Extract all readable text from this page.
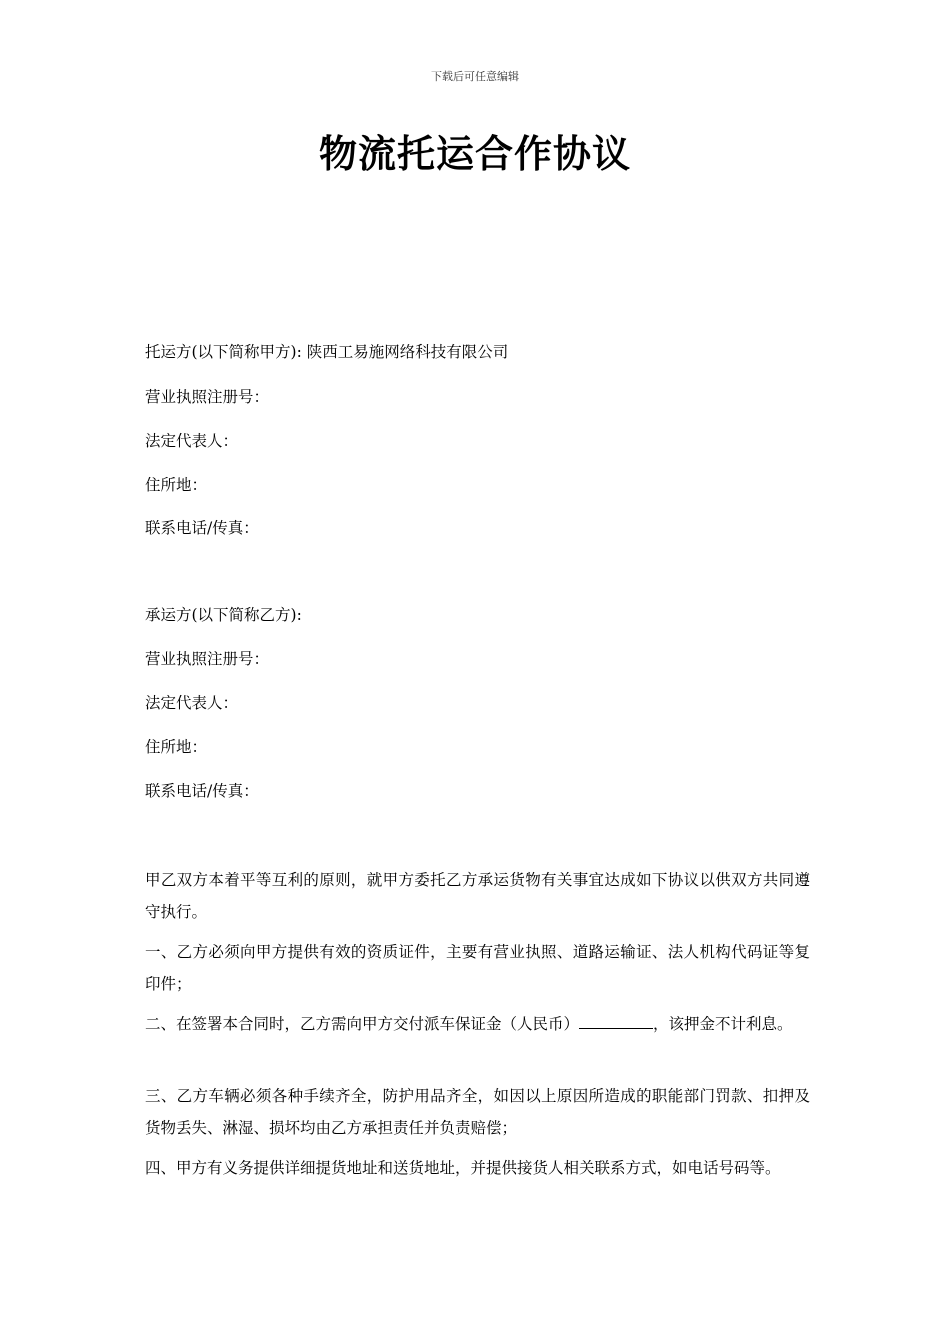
下载后可任意编辑
物流托运合作协议
托运方(以下简称甲方): 陕西工易施网络科技有限公司
营业执照注册号：
法定代表人：
住所地：
联系电话/传真：
承运方(以下简称乙方):
营业执照注册号：
法定代表人：
住所地：
联系电话/传真：
甲乙双方本着平等互利的原则，就甲方委托乙方承运货物有关事宜达成如下协议以供双方共同遵守执行。
一、乙方必须向甲方提供有效的资质证件，主要有营业执照、道路运输证、法人机构代码证等复印件；
二、在签署本合同时，乙方需向甲方交付派车保证金（人民币）	，该押金不计利息。
三、乙方车辆必须各种手续齐全，防护用品齐全，如因以上原因所造成的职能部门罚款、扣押及货物丢失、淋湿、损坏均由乙方承担责任并负责赔偿；
四、甲方有义务提供详细提货地址和送货地址，并提供接货人相关联系方式，如电话号码等。
